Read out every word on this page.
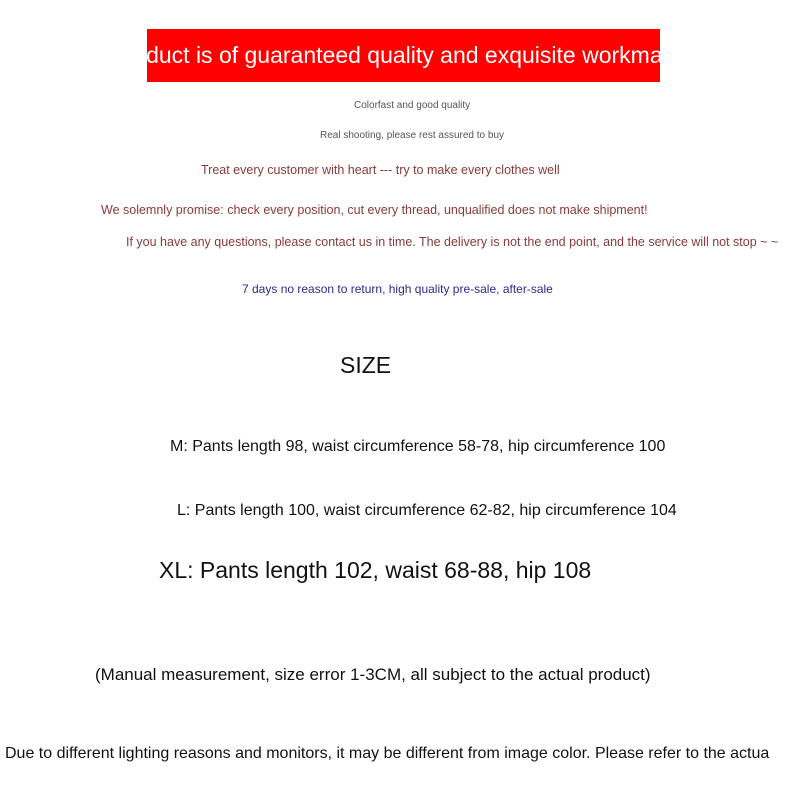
This product is of guaranteed quality and exquisite workmanship
Colorfast and good quality
Real shooting, please rest assured to buy
Treat every customer with heart --- try to make every clothes well
We solemnly promise: check every position, cut every thread, unqualified does not make shipment!
If you have any questions, please contact us in time. The delivery is not the end point, and the service will not stop ~ ~
7 days no reason to return, high quality pre-sale, after-sale
SIZE
M: Pants length 98, waist circumference 58-78, hip circumference 100
L: Pants length 100, waist circumference 62-82, hip circumference 104
XL: Pants length 102, waist 68-88, hip 108
(Manual measurement, size error 1-3CM, all subject to the actual product)
Due to different lighting reasons and monitors, it may be different from image color. Please refer to the actua
